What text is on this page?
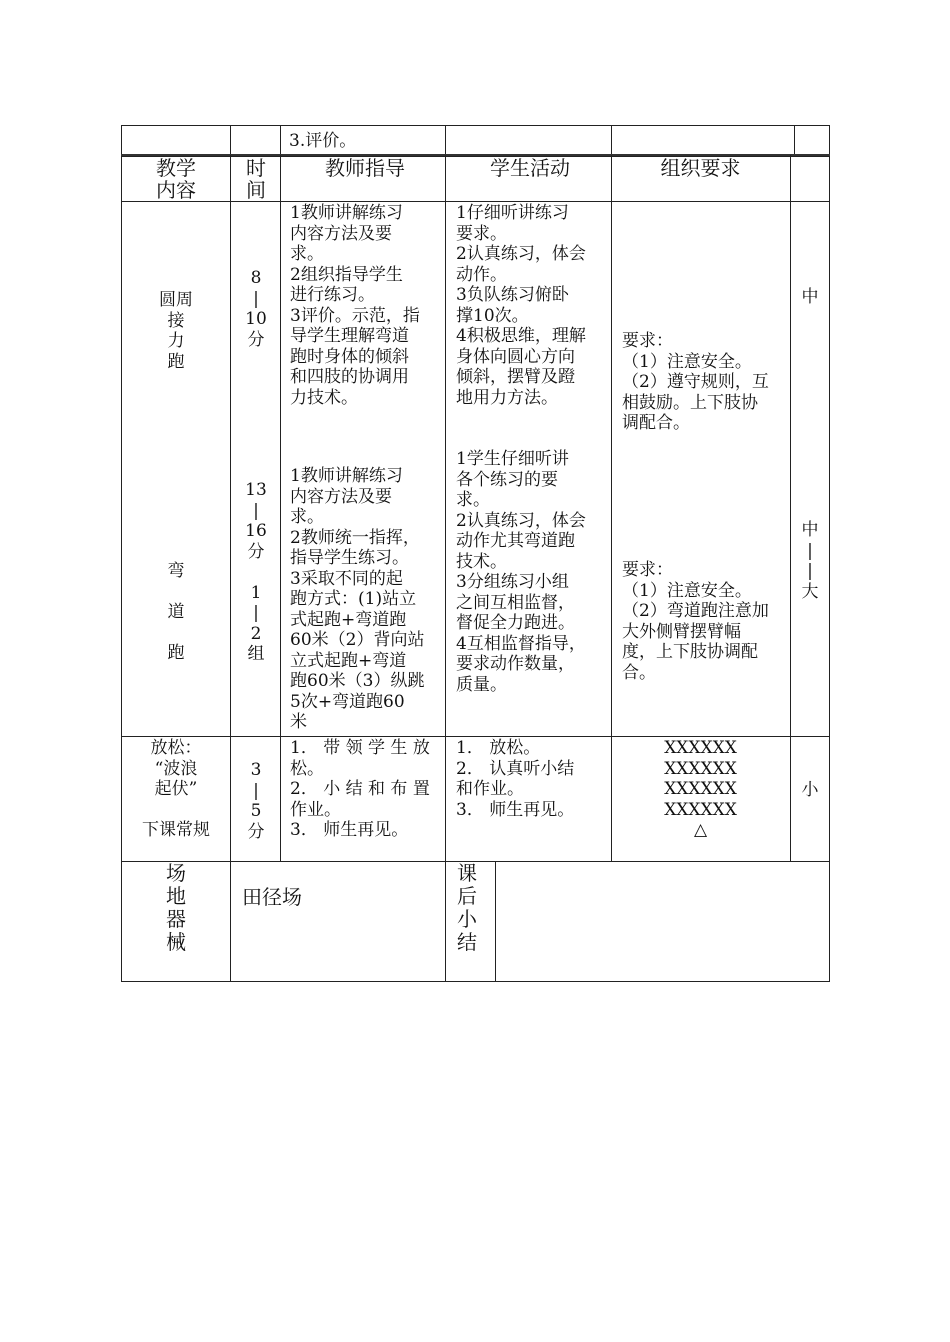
3.评价。
教学
内容
时
间
教师指导	学生活动	组织要求
圆周
接
力
跑
8
|
10
分
1教师讲解练习
内容方法及要
求。
2组织指导学生
进行练习。
3评价。示范，指
导学生理解弯道
跑时身体的倾斜
和四肢的协调用
力技术。
1仔细听讲练习
要求。
2认真练习，体会
动作。
3负队练习俯卧
撑10次。
4积极思维，理解
身体向圆心方向
倾斜，摆臂及蹬
地用力方法。
要求：
（1）注意安全。
（2）遵守规则，互
相鼓励。上下肢协
调配合。
中
弯

道

跑
13
|
16
分

1
|
2
组
1教师讲解练习
内容方法及要
求。
2教师统一指挥，
指导学生练习。
3采取不同的起
跑方式：(1)站立
式起跑+弯道跑
60米（2）背向站
立式起跑+弯道
跑60米（3）纵跳
5次+弯道跑60
米
1学生仔细听讲
各个练习的要
求。
2认真练习，体会
动作尤其弯道跑
技术。
3分组练习小组
之间互相监督，
督促全力跑进。
4互相监督指导，
要求动作数量，
质量。
要求：
（1）注意安全。
（2）弯道跑注意加
大外侧臂摆臂幅
度，上下肢协调配
合。
中
|
|
大
放松：
“波浪
起伏”

下课常规
3
|
5
分
1． 带 领 学 生 放
松。
2． 小 结 和 布 置
作业。
3． 师生再见。
1． 放松。
2． 认真听小结
和作业。
3． 师生再见。
XXXXXX
XXXXXX
XXXXXX
XXXXXX
△
小
场
地
器
械
田径场
课
后
小
结
